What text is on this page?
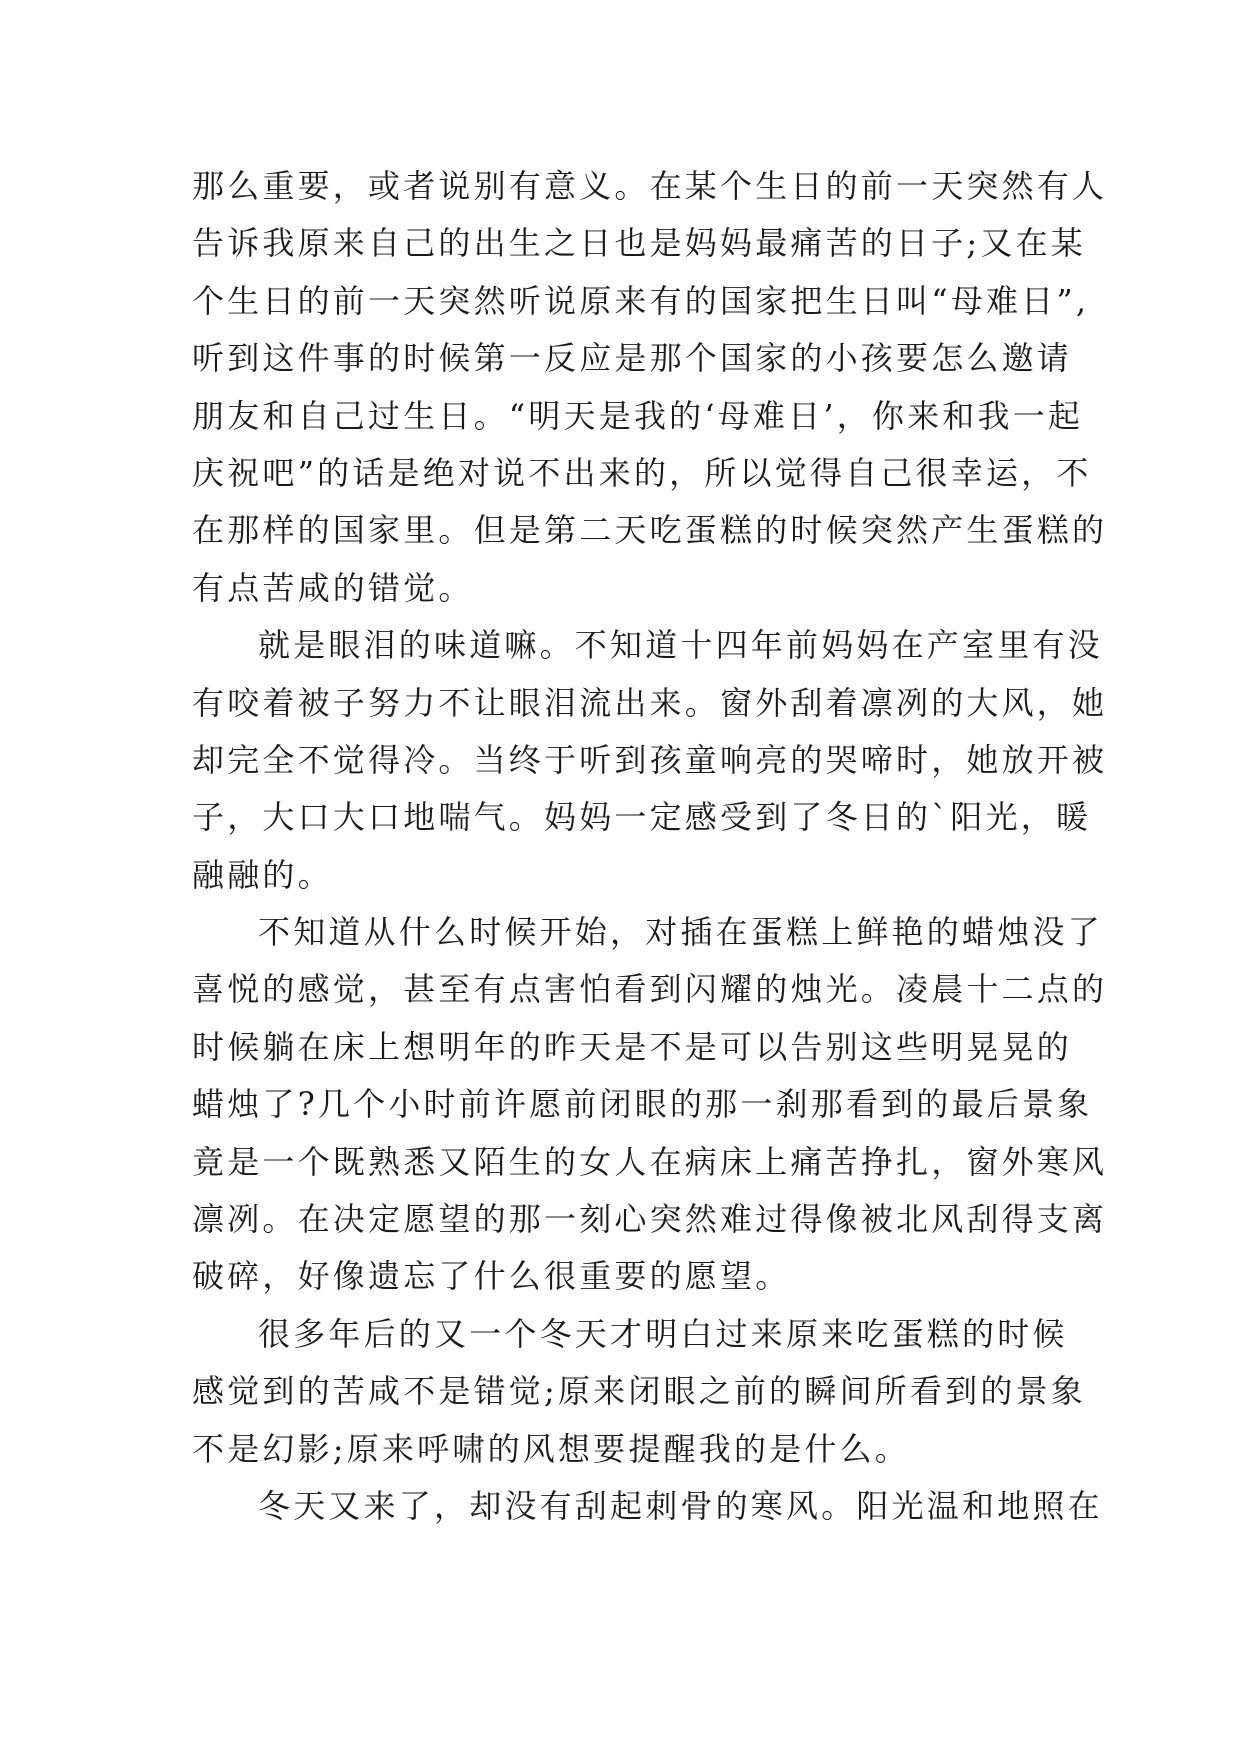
那么重要，或者说别有意义。在某个生日的前一天突然有人
告诉我原来自己的出生之日也是妈妈最痛苦的日子;又在某
个生日的前一天突然听说原来有的国家把生日叫“母难日”,
听到这件事的时候第一反应是那个国家的小孩要怎么邀请
朋友和自己过生日。“明天是我的‘母难日’，你来和我一起
庆祝吧”的话是绝对说不出来的，所以觉得自己很幸运，不
在那样的国家里。但是第二天吃蛋糕的时候突然产生蛋糕的
有点苦咸的错觉。
就是眼泪的味道嘛。不知道十四年前妈妈在产室里有没
有咬着被子努力不让眼泪流出来。窗外刮着凛冽的大风，她
却完全不觉得冷。当终于听到孩童响亮的哭啼时，她放开被
子，大口大口地喘气。妈妈一定感受到了冬日的`阳光，暖
融融的。
不知道从什么时候开始，对插在蛋糕上鲜艳的蜡烛没了
喜悦的感觉，甚至有点害怕看到闪耀的烛光。凌晨十二点的
时候躺在床上想明年的昨天是不是可以告别这些明晃晃的
蜡烛了?几个小时前许愿前闭眼的那一刹那看到的最后景象
竟是一个既熟悉又陌生的女人在病床上痛苦挣扎，窗外寒风
凛冽。在决定愿望的那一刻心突然难过得像被北风刮得支离
破碎，好像遗忘了什么很重要的愿望。
很多年后的又一个冬天才明白过来原来吃蛋糕的时候
感觉到的苦咸不是错觉;原来闭眼之前的瞬间所看到的景象
不是幻影;原来呼啸的风想要提醒我的是什么。
冬天又来了，却没有刮起刺骨的寒风。阳光温和地照在
